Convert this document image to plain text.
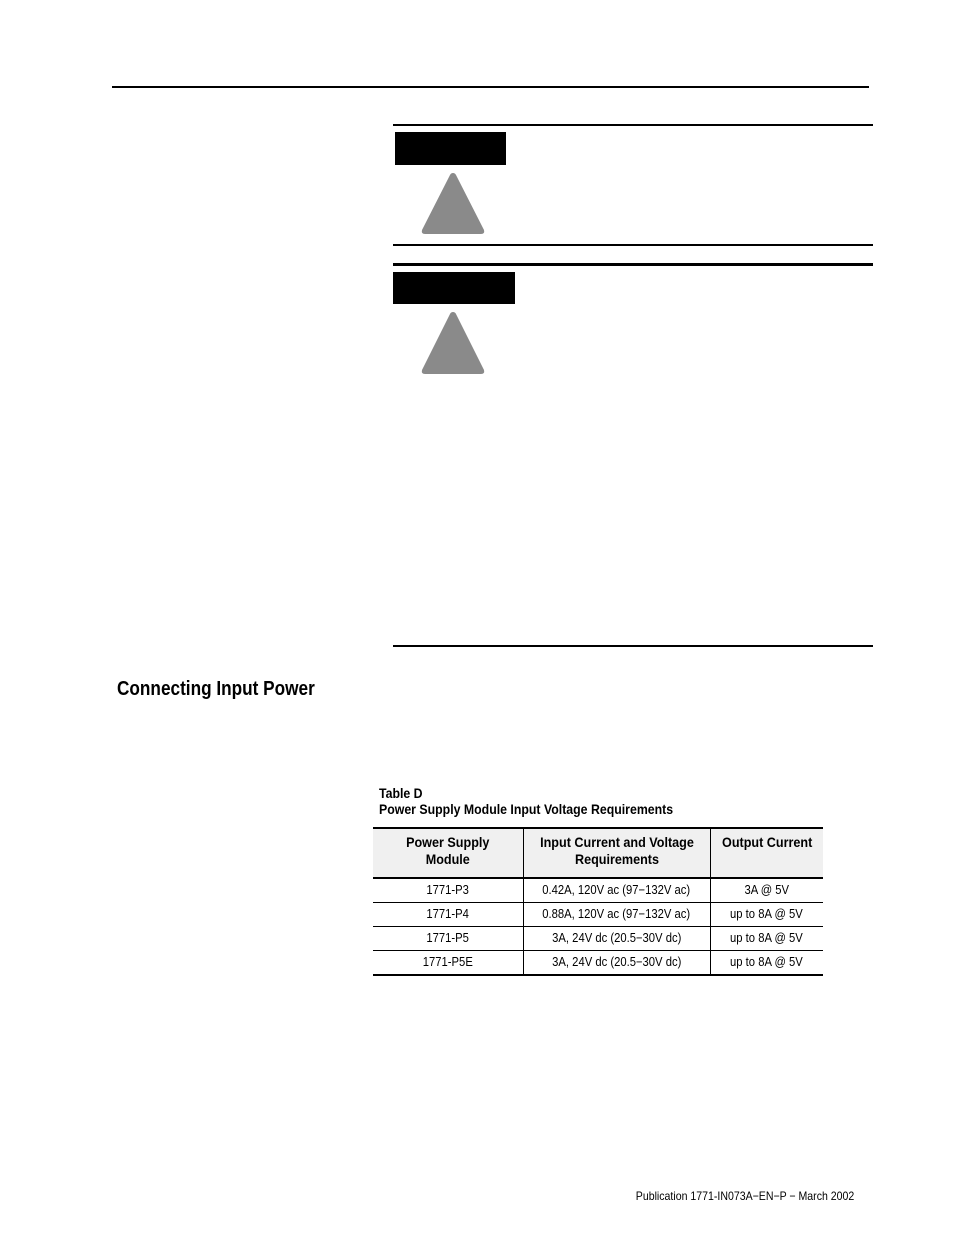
Connecting Input Power
Table D
Power Supply Module Input Voltage Requirements
Power Supply Module	Input Current and Voltage Requirements	Output Current
1771-P3	0.42A, 120V ac (97−132V ac)	3A @ 5V
1771-P4	0.88A, 120V ac (97−132V ac)	up to 8A @ 5V
1771-P5	3A, 24V dc (20.5−30V dc)	up to 8A @ 5V
1771-P5E	3A, 24V dc (20.5−30V dc)	up to 8A @ 5V
Publication 1771-IN073A−EN−P − March 2002
